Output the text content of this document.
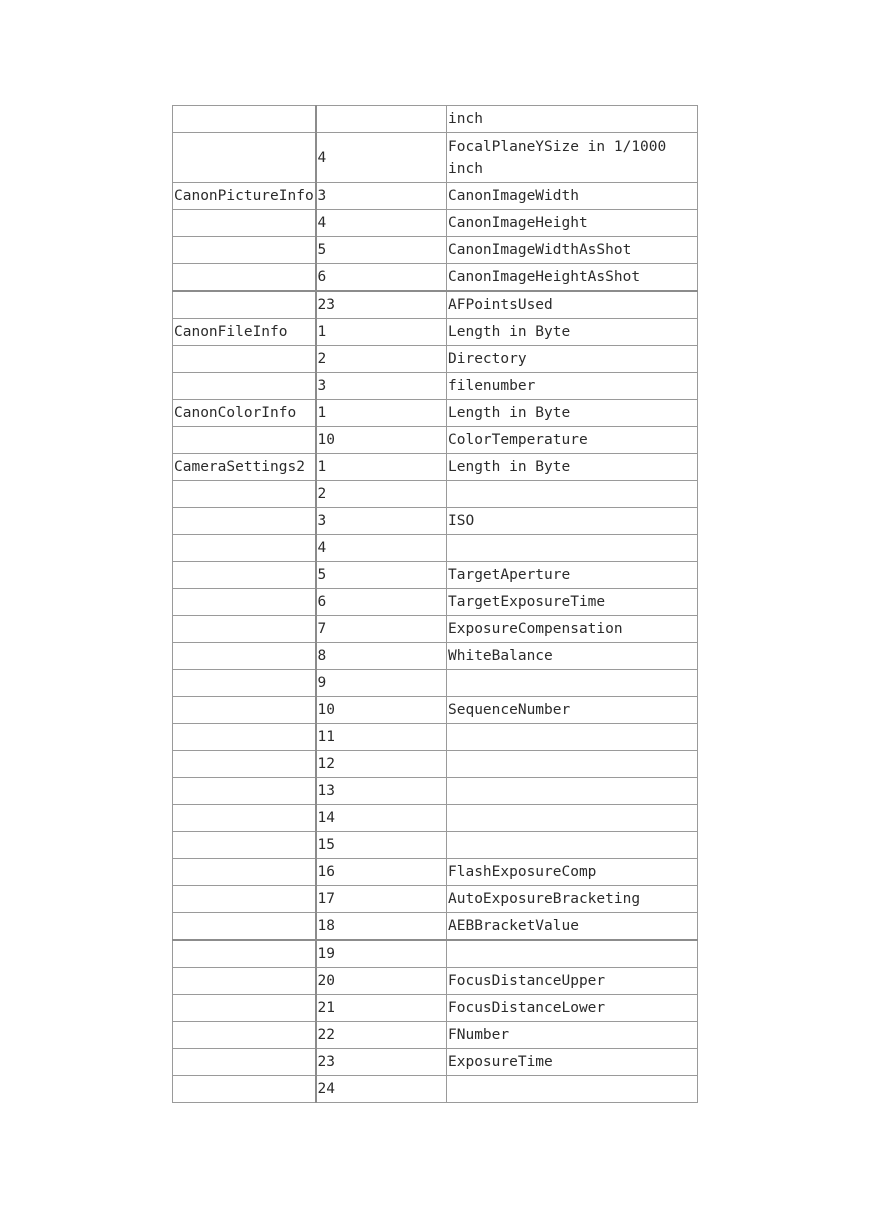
		inch
	4	FocalPlaneYSize in 1/1000 inch
CanonPictureInfo	3	CanonImageWidth
	4	CanonImageHeight
	5	CanonImageWidthAsShot
	6	CanonImageHeightAsShot
	23	AFPointsUsed
CanonFileInfo	1	Length in Byte
	2	Directory
	3	filenumber
CanonColorInfo	1	Length in Byte
	10	ColorTemperature
CameraSettings2	1	Length in Byte
	2	
	3	ISO
	4	
	5	TargetAperture
	6	TargetExposureTime
	7	ExposureCompensation
	8	WhiteBalance
	9	
	10	SequenceNumber
	11	
	12	
	13	
	14	
	15	
	16	FlashExposureComp
	17	AutoExposureBracketing
	18	AEBBracketValue
	19	
	20	FocusDistanceUpper
	21	FocusDistanceLower
	22	FNumber
	23	ExposureTime
	24	
